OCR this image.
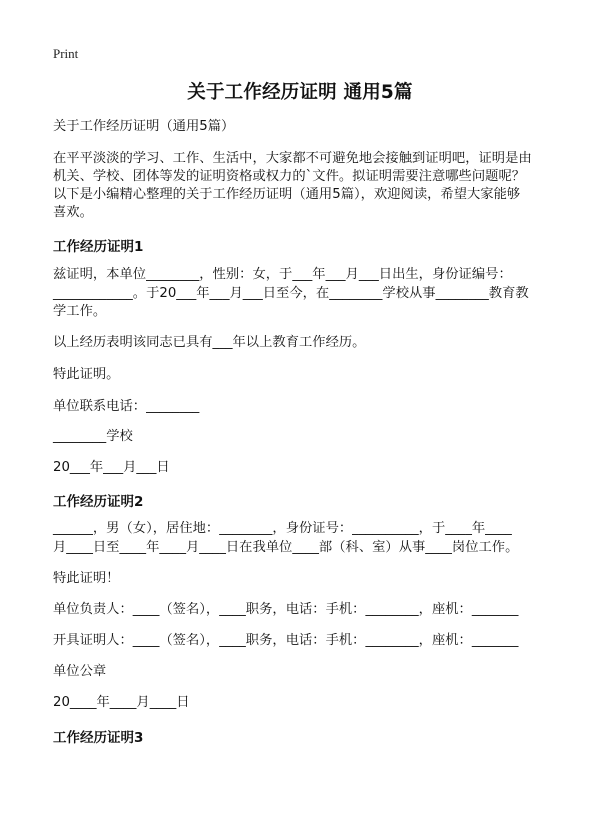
Print
关于工作经历证明 通用5篇

关于工作经历证明（通用5篇）

在平平淡淡的学习、工作、生活中，大家都不可避免地会接触到证明吧，证明是由

机关、学校、团体等发的证明资格或权力的`文件。拟证明需要注意哪些问题呢？

以下是小编精心整理的关于工作经历证明（通用5篇），欢迎阅读，希望大家能够

喜欢。

工作经历证明1

兹证明，本单位________，性别：女，于___年___月___日出生，身份证编号：

____________。于20___年___月___日至今，在________学校从事________教育教

学工作。

以上经历表明该同志已具有___年以上教育工作经历。

特此证明。

单位联系电话：________

________学校

20___年___月___日

工作经历证明2

______，男（女），居住地：________，身份证号：__________，于____年____

月____日至____年____月____日在我单位____部（科、室）从事____岗位工作。

特此证明！

单位负责人：____（签名），____职务，电话：手机：________，座机：_______

开具证明人：____（签名），____职务，电话：手机：________，座机：_______

单位公章

20____年____月____日

工作经历证明3
